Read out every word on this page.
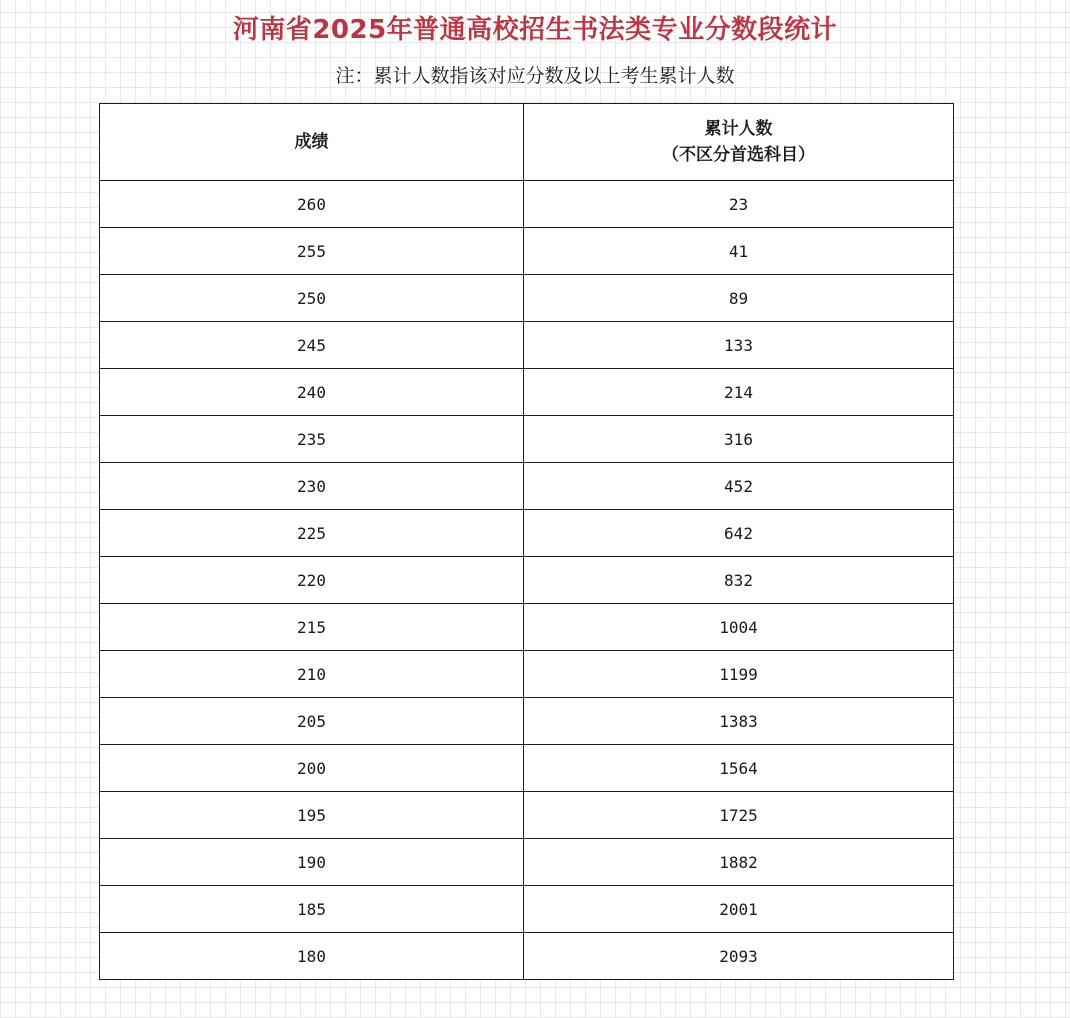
河南省2025年普通高校招生书法类专业分数段统计
注：累计人数指该对应分数及以上考生累计人数
成绩	累计人数
（不区分首选科目）

260	23
255	41
250	89
245	133
240	214
235	316
230	452
225	642
220	832
215	1004
210	1199
205	1383
200	1564
195	1725
190	1882
185	2001
180	2093
